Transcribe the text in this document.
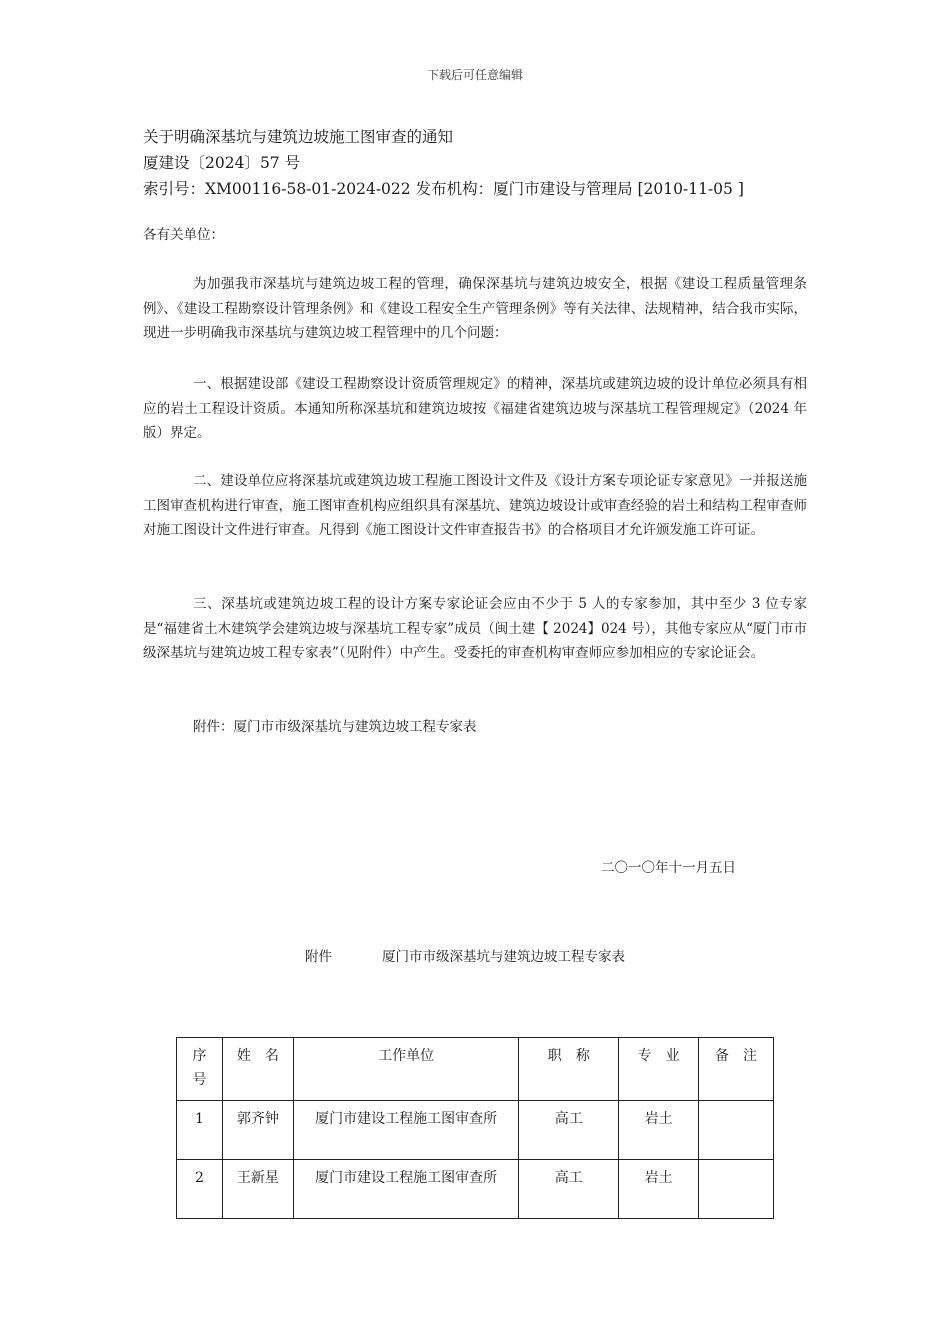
下载后可任意编辑
关于明确深基坑与建筑边坡施工图审查的通知
厦建设〔2024〕57 号
索引号：XM00116-58-01-2024-022 发布机构：厦门市建设与管理局 [2010-11-05 ]
各有关单位：
为加强我市深基坑与建筑边坡工程的管理，确保深基坑与建筑边坡安全，根据《建设工程质量管理条例》、《建设工程勘察设计管理条例》和《建设工程安全生产管理条例》等有关法律、法规精神，结合我市实际，现进一步明确我市深基坑与建筑边坡工程管理中的几个问题：
一、根据建设部《建设工程勘察设计资质管理规定》的精神，深基坑或建筑边坡的设计单位必须具有相应的岩土工程设计资质。本通知所称深基坑和建筑边坡按《福建省建筑边坡与深基坑工程管理规定》（2024 年版）界定。
二、建设单位应将深基坑或建筑边坡工程施工图设计文件及《设计方案专项论证专家意见》一并报送施工图审查机构进行审查，施工图审查机构应组织具有深基坑、建筑边坡设计或审查经验的岩土和结构工程审查师对施工图设计文件进行审查。凡得到《施工图设计文件审查报告书》的合格项目才允许颁发施工许可证。
三、深基坑或建筑边坡工程的设计方案专家论证会应由不少于 5 人的专家参加，其中至少 3 位专家是“福建省土木建筑学会建筑边坡与深基坑工程专家”成员（闽土建【 2024】024 号），其他专家应从“厦门市市级深基坑与建筑边坡工程专家表”（见附件）中产生。受委托的审查机构审查师应参加相应的专家论证会。
附件：厦门市市级深基坑与建筑边坡工程专家表
二〇一〇年十一月五日
附件	厦门市市级深基坑与建筑边坡工程专家表
序号	姓　名	工作单位	职　称	专　业	备　注
1	郭齐钟	厦门市建设工程施工图审查所	高工	岩土	
2	王新星	厦门市建设工程施工图审查所	高工	岩土	
